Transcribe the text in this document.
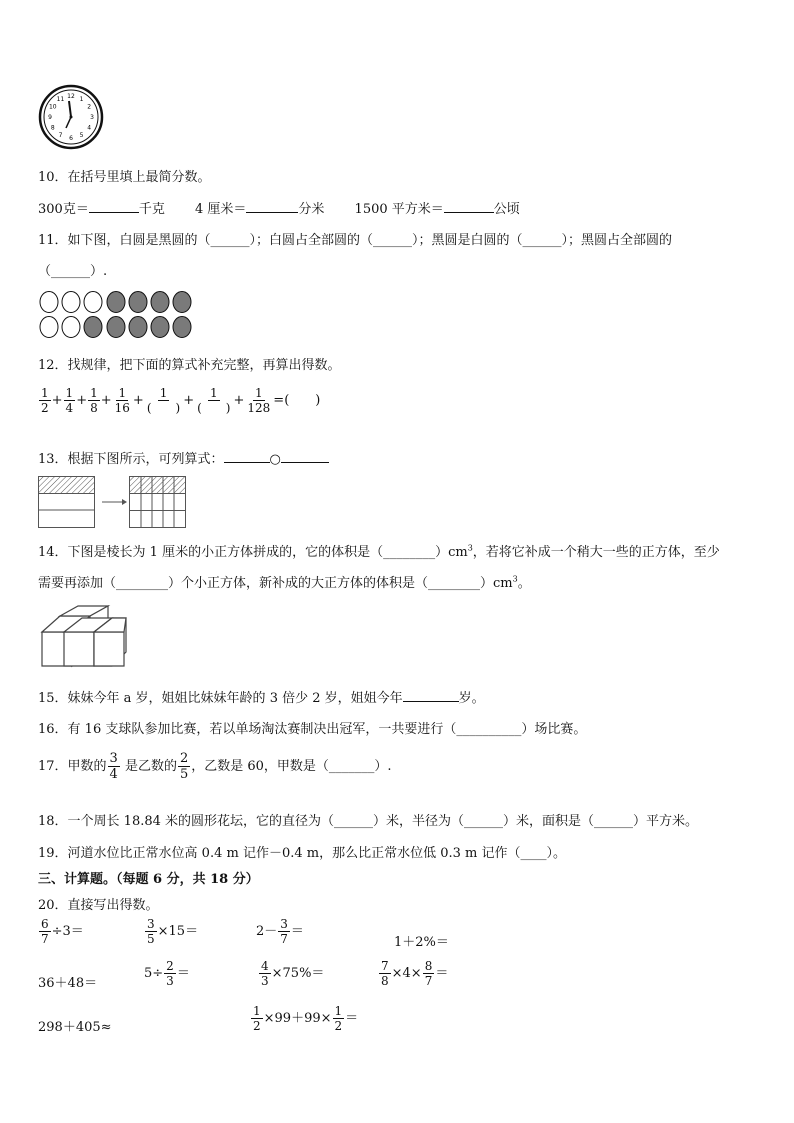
12 1
2
3
4
5
6
7
8
9
10
11
10．在括号里填上最简分数。
300克＝	千克 4 厘米＝	分米 1500 平方米＝	公顷
11．如下图，白圆是黑圆的（______）；白圆占全部圆的（______）；黑圆是白圆的（______）；黑圆占全部圆的
（______）.
12．找规律，把下面的算式补充完整，再算出得数。
$\frac{1}{2} + \frac{1}{4} + \frac{1}{8} + \frac{1}{16} + \frac{1}{( )} + \frac{1}{( )} + \frac{1}{128}$ =(　　)
13．根据下图所示，可列算式：	○
14．下图是棱长为 1 厘米的小正方体拼成的，它的体积是$(\_\_\_\_\_\_\_\_)cm^3$，若将它补成一个稍大一些的正方体，至少
需要再添加（________）个小正方体，新补成的大正方体的体积是$(\_\_\_\_\_\_\_\_)cm^3$。
15．妹妹今年 a 岁，姐姐比妹妹年龄的 3 倍少 2 岁，姐姐今年	岁。
16．有 16 支球队参加比赛，若以单场淘汰赛制决出冠军，一共要进行（__________）场比赛。
17．甲数的 $\frac{3}{4}$ 是乙数的 $\frac{2}{5}$ ，乙数是 60，甲数是（_______）.
18．一个周长 18.84 米的圆形花坛，它的直径为（______）米，半径为（______）米，面积是（______）平方米。
19．河道水位比正常水位高 0.4 m 记作－0.4 m，那么比正常水位低 0.3 m 记作（____）。
三、计算题。（每题 6 分，共 18 分）
20．直接写出得数。
$\frac{6}{7} \div 3=$	$\frac{3}{5} \times 15=$	$2- \frac{3}{7}$ ＝
1＋2%＝
36＋48＝
$5\div \frac{2}{3}$ ＝	$\frac{4}{3} \times 75\%=$	$\frac{7}{8} \times 4\times \frac{8}{7}$ ＝
298＋405≈	$\frac{1}{2} \times 99+99\times \frac{1}{2}$ ＝
